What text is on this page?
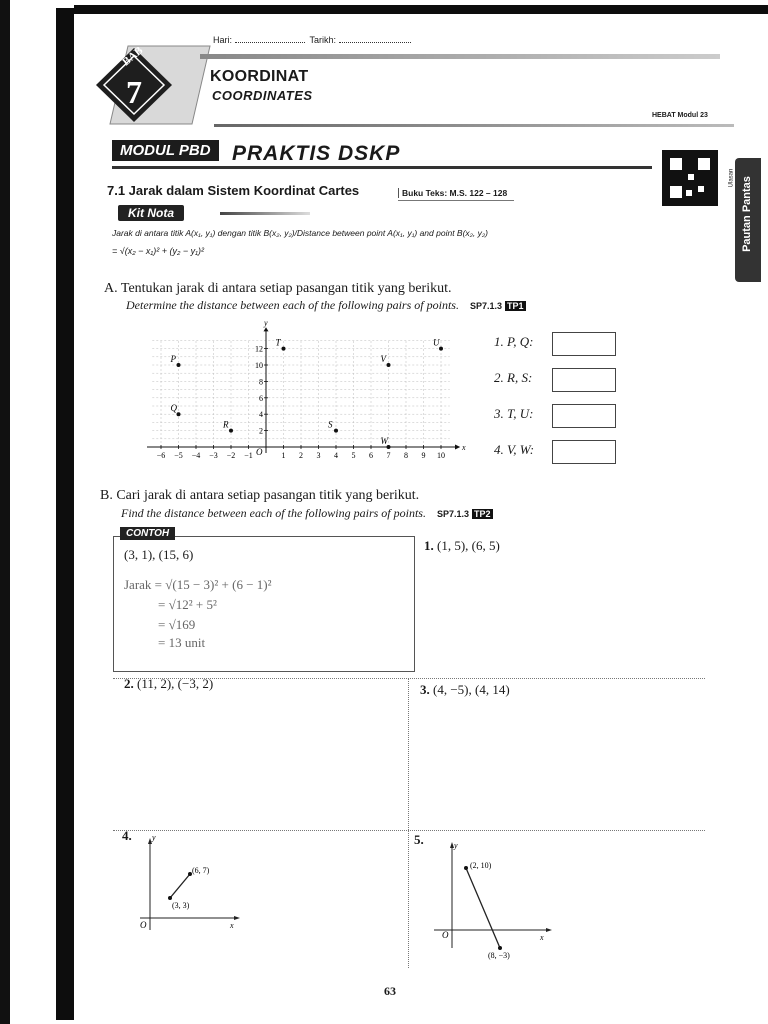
Hari:	Tarikh:
BAB
7	KOORDINAT
COORDINATES
HEBAT Modul 23
MODUL PBD	PRAKTIS DSKP
Pautan Pantas
Ulasan
7.1 Jarak dalam Sistem Koordinat Cartes	Buku Teks: M.S. 122 – 128
Kit Nota
Jarak di antara titik A(x₁, y₁) dengan titik B(x₂, y₂)/Distance between point A(x₁, y₁) and point B(x₂, y₂)
= √(x₂ − x₁)² + (y₂ − y₁)²
A. Tentukan jarak di antara setiap pasangan titik yang berikut.
Determine the distance between each of the following pairs of points. SP7.1.3 TP1
x
y
O
−6 −5 −4 −3 −2 −1	1 2 3 4 5 6 7 8 9 10
2
4
6
8
10
12
P
Q
R	S
T	U
V
W
1. P, Q:
2. R, S:
3. T, U:
4. V, W:
B. Cari jarak di antara setiap pasangan titik yang berikut.
Find the distance between each of the following pairs of points. SP7.1.3 TP2
CONTOH
(3, 1), (15, 6)
Jarak = √(15 − 3)² + (6 − 1)²
= √12² + 5²
= √169
= 13 unit
1. (1, 5), (6, 5)
2. (11, 2), (−3, 2)	3. (4, −5), (4, 14)
4.	y
x
O
(6, 7)
(3, 3)
5.	y
x
O
(2, 10)
(8, −3)
63
